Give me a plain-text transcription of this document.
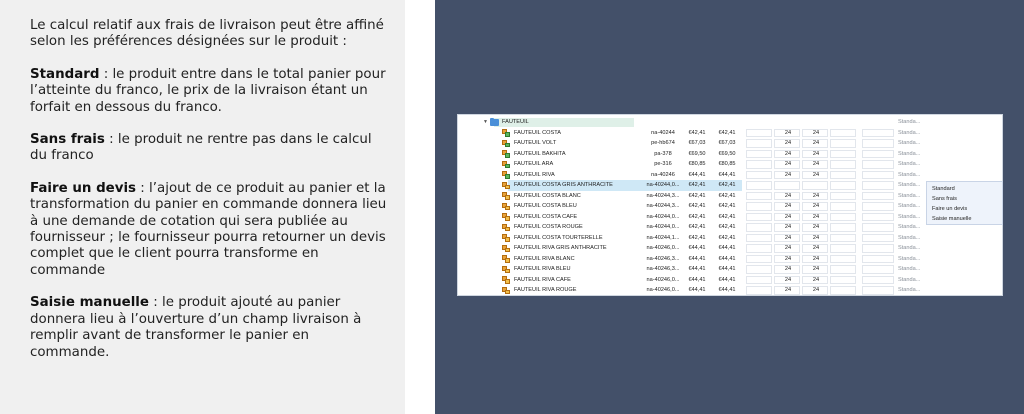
Le calcul relatif aux frais de livraison peut être affiné selon les préférences désignées sur le produit :

Standard : le produit entre dans le total panier pour l’atteinte du franco, le prix de la livraison étant un forfait en dessous du franco.

Sans frais : le produit ne rentre pas dans le calcul du franco

Faire un devis : l’ajout de ce produit au panier et la transformation du panier en commande donnera lieu à une demande de cotation qui sera publiée au fournisseur ; le fournisseur pourra retourner un devis complet que le client pourra transforme en commande

Saisie manuelle : le produit ajouté au panier donnera lieu à l’ouverture d’un champ livraison à remplir avant de transformer le panier en commande.

▼	FAUTEUIL	Standa...
FAUTEUIL COSTA	na-40244	€42,41	€42,41	24	24	Standa...
FAUTEUIL VOLT	pe-hb674	€67,03	€67,03	24	24	Standa...
FAUTEUIL BAKHITA	pa-378	€69,50	€69,50	24	24	Standa...
FAUTEUIL ARA	pe-316	€80,85	€80,85	24	24	Standa...
FAUTEUIL RIVA	na-40246	€44,41	€44,41	24	24	Standa...
FAUTEUIL COSTA GRIS ANTHRACITE	na-40244,0...	€42,41	€42,41	Standa...
FAUTEUIL COSTA BLANC	na-40244,3...	€42,41	€42,41	24	24	Standa...
FAUTEUIL COSTA BLEU	na-40244,3...	€42,41	€42,41	24	24	Standa...
FAUTEUIL COSTA CAFE	na-40244,0...	€42,41	€42,41	24	24	Standa...
FAUTEUIL COSTA ROUGE	na-40244,0...	€42,41	€42,41	24	24	Standa...
FAUTEUIL COSTA TOURTERELLE	na-40244,1...	€42,41	€42,41	24	24	Standa...
FAUTEUIL RIVA GRIS ANTHRACITE	na-40246,0...	€44,41	€44,41	24	24	Standa...
FAUTEUIL RIVA BLANC	na-40246,3...	€44,41	€44,41	24	24	Standa...
FAUTEUIL RIVA BLEU	na-40246,3...	€44,41	€44,41	24	24	Standa...
FAUTEUIL RIVA CAFE	na-40246,0...	€44,41	€44,41	24	24	Standa...
FAUTEUIL RIVA ROUGE	na-40246,0...	€44,41	€44,41	24	24	Standa...
Standard
Sans frais
Faire un devis
Saisie manuelle
